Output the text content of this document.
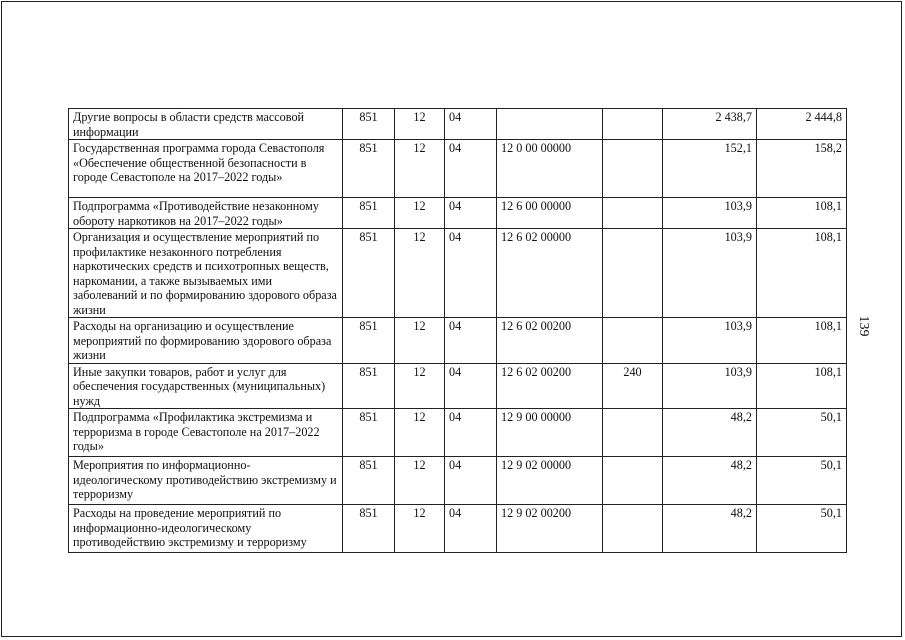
Другие вопросы в области средств массовой информации	851	12	04			2 438,7	2 444,8
Государственная программа города Севастополя «Обеспечение общественной безопасности в городе Севастополе на 2017–2022 годы»	851	12	04	12 0 00 00000		152,1	158,2
Подпрограмма «Противодействие незаконному обороту наркотиков на 2017–2022 годы»	851	12	04	12 6 00 00000		103,9	108,1
Организация и осуществление мероприятий по профилактике незаконного потребления наркотических средств и психотропных веществ, наркомании, а также вызываемых ими заболеваний и по формированию здорового образа жизни	851	12	04	12 6 02 00000		103,9	108,1
Расходы на организацию и осуществление мероприятий по формированию здорового образа жизни	851	12	04	12 6 02 00200		103,9	108,1
Иные закупки товаров, работ и услуг для обеспечения государственных (муниципальных) нужд	851	12	04	12 6 02 00200	240	103,9	108,1
Подпрограмма «Профилактика экстремизма и терроризма в городе Севастополе на 2017–2022 годы»	851	12	04	12 9 00 00000		48,2	50,1
Мероприятия по информационно-идеологическому противодействию экстремизму и терроризму	851	12	04	12 9 02 00000		48,2	50,1
Расходы на проведение мероприятий по информационно-идеологическому противодействию экстремизму и терроризму	851	12	04	12 9 02 00200		48,2	50,1
139
